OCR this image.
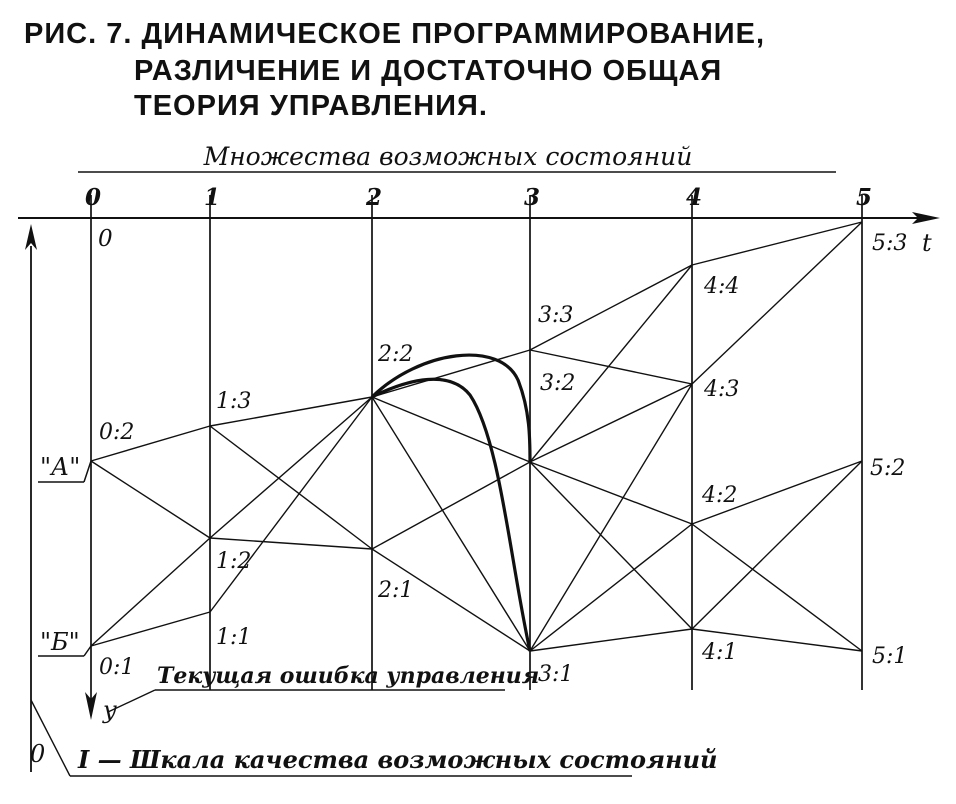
РИС. 7. ДИНАМИЧЕСКОЕ ПРОГРАММИРОВАНИЕ,
РАЗЛИЧЕНИЕ И ДОСТАТОЧНО ОБЩАЯ
ТЕОРИЯ УПРАВЛЕНИЯ.
Множества возможных состояний
t
0
0	1	2	3	4	5
y
0
0:2
0:1
1:3
1:2
1:1
2:2
2:1
3:3
3:2
3:1
4:4
4:3
4:2
4:1
5:3
5:2
5:1
"А"
"Б"
Текущая ошибка управления
I — Шкала качества возможных состояний
